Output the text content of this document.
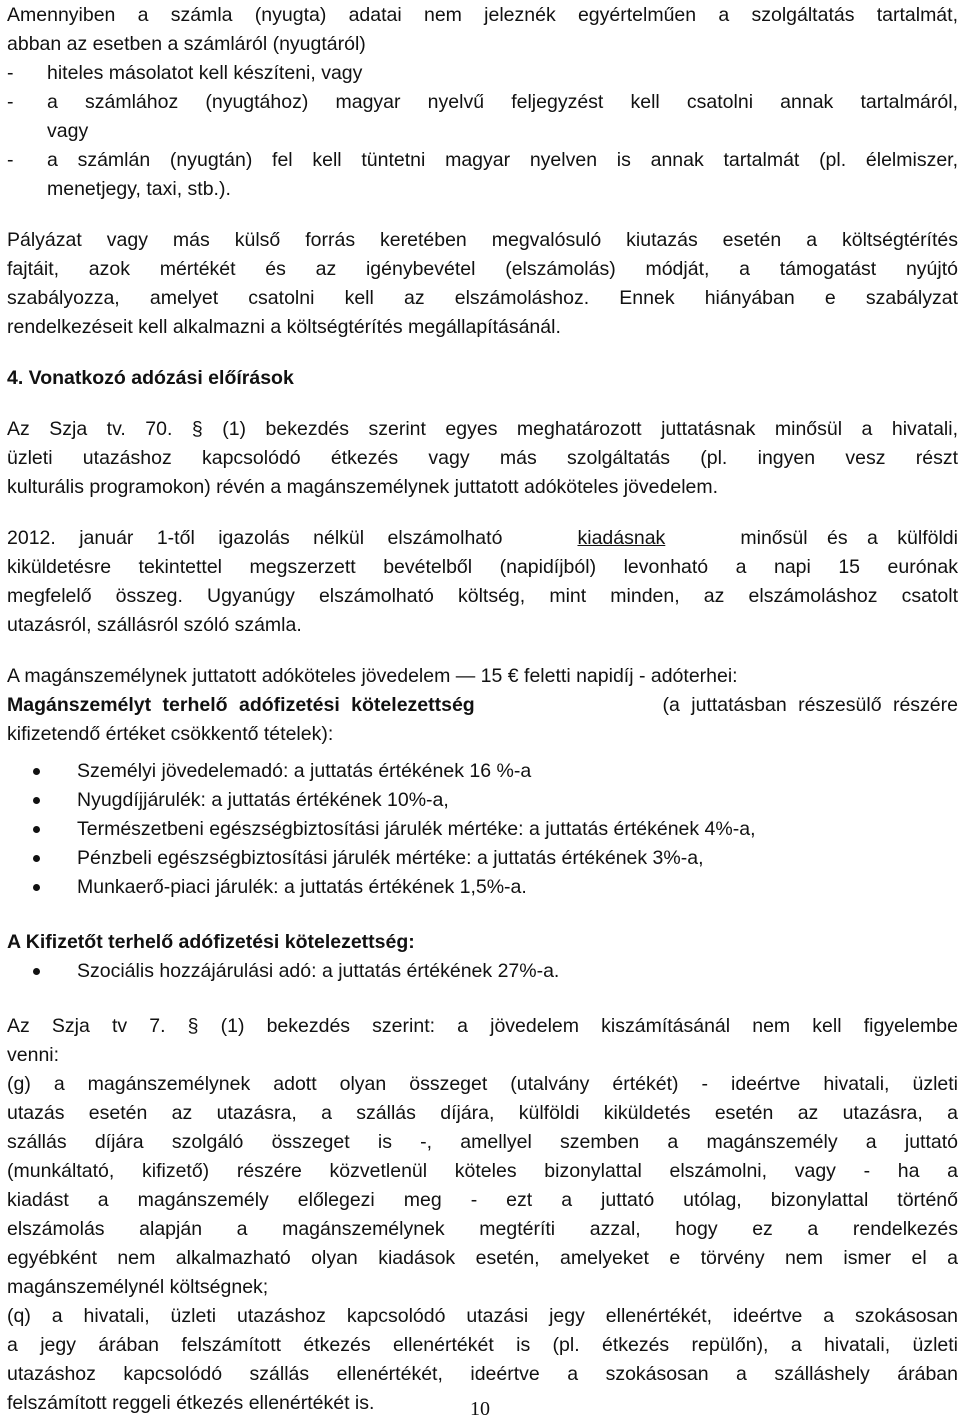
Amennyiben a számla (nyugta) adatai nem jeleznék egyértelműen a szolgáltatás tartalmát,
abban az esetben a számláról (nyugtáról)
-	hiteles másolatot kell készíteni, vagy
-	a számlához (nyugtához) magyar nyelvű feljegyzést kell csatolni annak tartalmáról,
vagy
-	a számlán (nyugtán) fel kell tüntetni magyar nyelven is annak tartalmát (pl. élelmiszer,
menetjegy, taxi, stb.).
Pályázat vagy más külső forrás keretében megvalósuló kiutazás esetén a költségtérítés
fajtáit, azok mértékét és az igénybevétel (elszámolás) módját, a támogatást nyújtó
szabályozza, amelyet csatolni kell az elszámoláshoz. Ennek hiányában e szabályzat
rendelkezéseit kell alkalmazni a költségtérítés megállapításánál.
4. Vonatkozó adózási előírások
Az Szja tv. 70. § (1) bekezdés szerint egyes meghatározott juttatásnak minősül a hivatali,
üzleti utazáshoz kapcsolódó étkezés vagy más szolgáltatás (pl. ingyen vesz részt
kulturális programokon) révén a magánszemélynek juttatott adóköteles jövedelem.
2012. január 1-től igazolás nélkül elszámolható	kiadásnak	minősül és a külföldi
kiküldetésre tekintettel megszerzett bevételből (napidíjból) levonható a napi 15 eurónak
megfelelő összeg. Ugyanúgy elszámolható költség, mint minden, az elszámoláshoz csatolt
utazásról, szállásról szóló számla.
A magánszemélynek juttatott adóköteles jövedelem — 15 € feletti napidíj - adóterhei:
Magánszemélyt terhelő adófizetési kötelezettség	(a juttatásban részesülő részére
kifizetendő értéket csökkentő tételek):
Személyi jövedelemadó: a juttatás értékének 16 %-a
Nyugdíjjárulék: a juttatás értékének 10%-a,
Természetbeni egészségbiztosítási járulék mértéke: a juttatás értékének 4%-a,
Pénzbeli egészségbiztosítási járulék mértéke: a juttatás értékének 3%-a,
Munkaerő-piaci járulék: a juttatás értékének 1,5%-a.
A Kifizetőt terhelő adófizetési kötelezettség:
Szociális hozzájárulási adó: a juttatás értékének 27%-a.
Az Szja tv 7. § (1) bekezdés szerint: a jövedelem kiszámításánál nem kell figyelembe
venni:
(g) a magánszemélynek adott olyan összeget (utalvány értékét) - ideértve hivatali, üzleti
utazás esetén az utazásra, a szállás díjára, külföldi kiküldetés esetén az utazásra, a
szállás díjára szolgáló összeget is -, amellyel szemben a magánszemély a juttató
(munkáltató, kifizető) részére közvetlenül köteles bizonylattal elszámolni, vagy - ha a
kiadást a magánszemély előlegezi meg - ezt a juttató utólag, bizonylattal történő
elszámolás alapján a magánszemélynek megtéríti azzal, hogy ez a rendelkezés
egyébként nem alkalmazható olyan kiadások esetén, amelyeket e törvény nem ismer el a
magánszemélynél költségnek;
(q) a hivatali, üzleti utazáshoz kapcsolódó utazási jegy ellenértékét, ideértve a szokásosan
a jegy árában felszámított étkezés ellenértékét is (pl. étkezés repülőn), a hivatali, üzleti
utazáshoz kapcsolódó szállás ellenértékét, ideértve a szokásosan a szálláshely árában
felszámított reggeli étkezés ellenértékét is.	10
